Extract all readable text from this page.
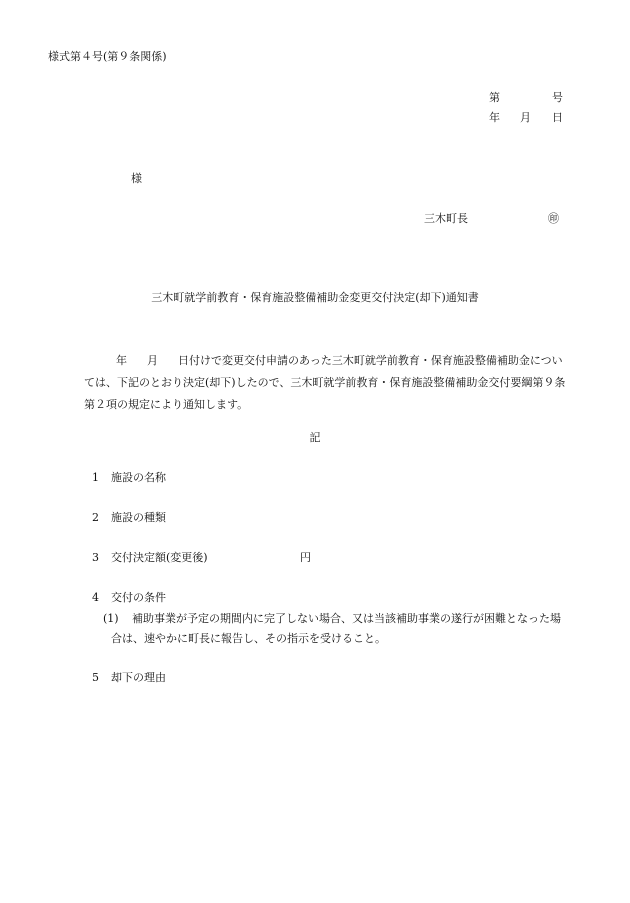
様式第４号(第９条関係)
第	号
年 月 日
様
三木町長	㊞
三木町就学前教育・保育施設整備補助金変更交付決定(却下)通知書
年 月 日付けで変更交付申請のあった三木町就学前教育・保育施設整備補助金につい
ては、下記のとおり決定(却下)したので、三木町就学前教育・保育施設整備補助金交付要綱第９条
第２項の規定により通知します。
記
1 施設の名称
2 施設の種類
3 交付決定額(変更後)	円
4 交付の条件
(1) 補助事業が予定の期間内に完了しない場合、又は当該補助事業の遂行が困難となった場
合は、速やかに町長に報告し、その指示を受けること。
5 却下の理由
